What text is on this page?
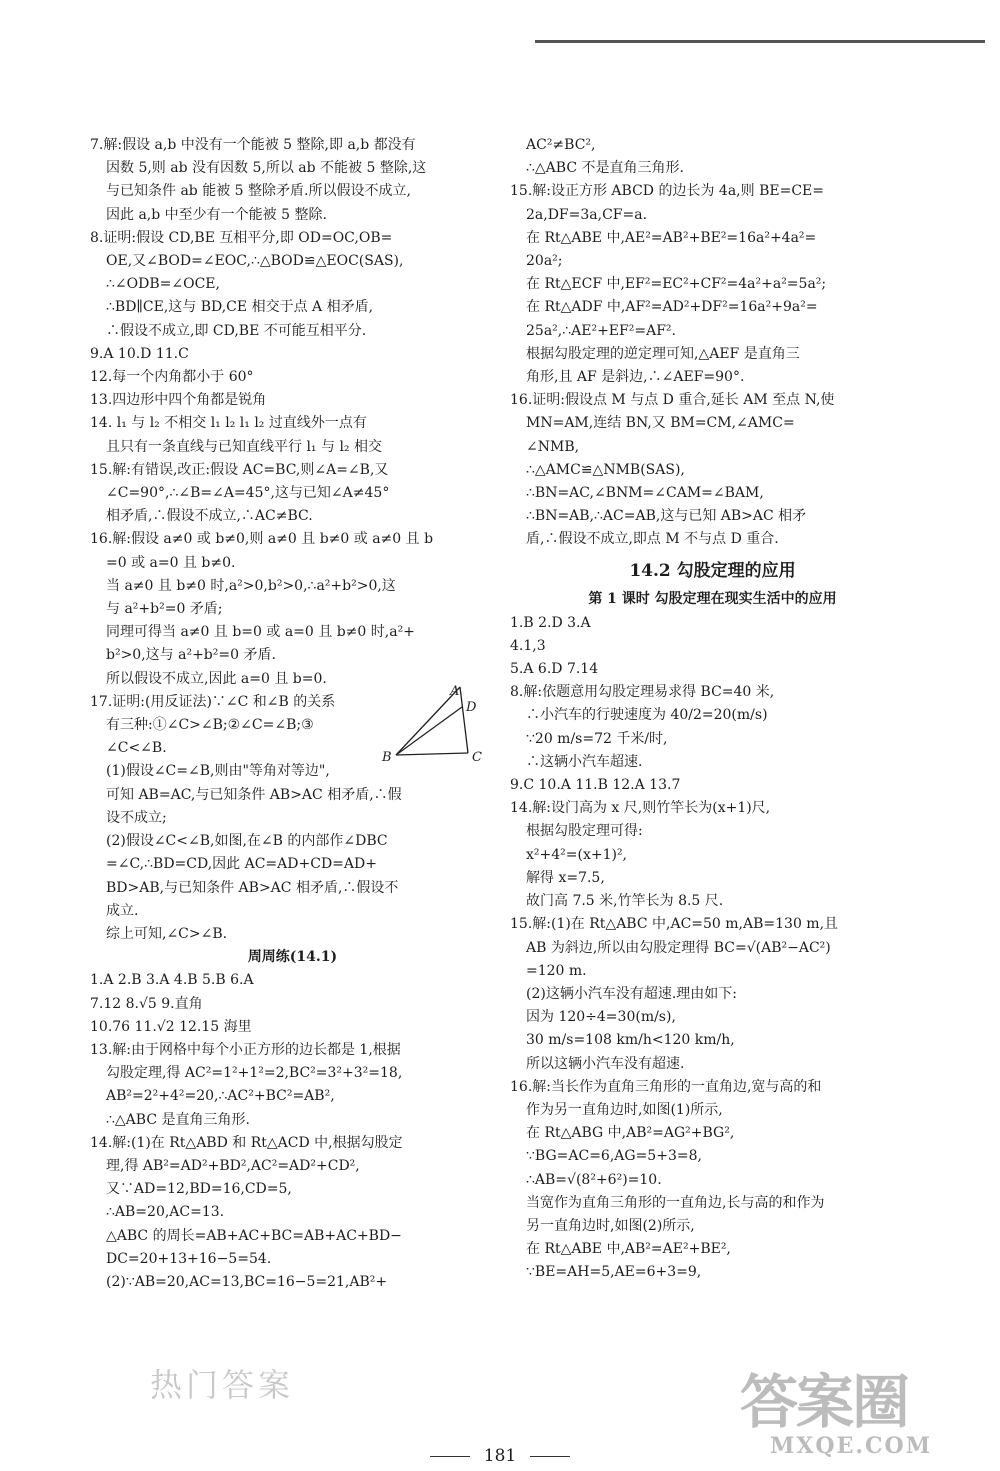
7.解:假设 a,b 中没有一个能被 5 整除,即 a,b 都没有
因数 5,则 ab 没有因数 5,所以 ab 不能被 5 整除,这
与已知条件 ab 能被 5 整除矛盾.所以假设不成立,
因此 a,b 中至少有一个能被 5 整除.
8.证明:假设 CD,BE 互相平分,即 OD=OC,OB=
OE,又∠BOD=∠EOC,∴△BOD≌△EOC(SAS),
∴∠ODB=∠OCE,
∴BD∥CE,这与 BD,CE 相交于点 A 相矛盾,
∴假设不成立,即 CD,BE 不可能互相平分.
9.A 10.D 11.C
12.每一个内角都小于 60°
13.四边形中四个角都是锐角
14. l₁ 与 l₂ 不相交 l₁ l₂ l₁ l₂ 过直线外一点有
且只有一条直线与已知直线平行 l₁ 与 l₂ 相交
15.解:有错误,改正:假设 AC=BC,则∠A=∠B,又
∠C=90°,∴∠B=∠A=45°,这与已知∠A≠45°
相矛盾,∴假设不成立,∴AC≠BC.
16.解:假设 a≠0 或 b≠0,则 a≠0 且 b≠0 或 a≠0 且 b
=0 或 a=0 且 b≠0.
当 a≠0 且 b≠0 时,a²>0,b²>0,∴a²+b²>0,这
与 a²+b²=0 矛盾;
同理可得当 a≠0 且 b=0 或 a=0 且 b≠0 时,a²+
b²>0,这与 a²+b²=0 矛盾.
所以假设不成立,因此 a=0 且 b=0.
17.证明:(用反证法)∵∠C 和∠B 的关系
有三种:①∠C>∠B;②∠C=∠B;③
∠C<∠B.
(1)假设∠C=∠B,则由"等角对等边",
可知 AB=AC,与已知条件 AB>AC 相矛盾,∴假
设不成立;
(2)假设∠C<∠B,如图,在∠B 的内部作∠DBC
=∠C,∴BD=CD,因此 AC=AD+CD=AD+
BD>AB,与已知条件 AB>AC 相矛盾,∴假设不
成立.
综上可知,∠C>∠B.
周周练(14.1)
1.A 2.B 3.A 4.B 5.B 6.A
7.12 8.√5 9.直角
10.76 11.√2 12.15 海里
13.解:由于网格中每个小正方形的边长都是 1,根据
勾股定理,得 AC²=1²+1²=2,BC²=3²+3²=18,
AB²=2²+4²=20,∴AC²+BC²=AB²,
∴△ABC 是直角三角形.
14.解:(1)在 Rt△ABD 和 Rt△ACD 中,根据勾股定
理,得 AB²=AD²+BD²,AC²=AD²+CD²,
又∵AD=12,BD=16,CD=5,
∴AB=20,AC=13.
△ABC 的周长=AB+AC+BC=AB+AC+BD−
DC=20+13+16−5=54.
(2)∵AB=20,AC=13,BC=16−5=21,AB²+
AC²≠BC²,
∴△ABC 不是直角三角形.
15.解:设正方形 ABCD 的边长为 4a,则 BE=CE=
2a,DF=3a,CF=a.
在 Rt△ABE 中,AE²=AB²+BE²=16a²+4a²=
20a²;
在 Rt△ECF 中,EF²=EC²+CF²=4a²+a²=5a²;
在 Rt△ADF 中,AF²=AD²+DF²=16a²+9a²=
25a²,∴AE²+EF²=AF².
根据勾股定理的逆定理可知,△AEF 是直角三
角形,且 AF 是斜边,∴∠AEF=90°.
16.证明:假设点 M 与点 D 重合,延长 AM 至点 N,使
MN=AM,连结 BN,又 BM=CM,∠AMC=
∠NMB,
∴△AMC≌△NMB(SAS),
∴BN=AC,∠BNM=∠CAM=∠BAM,
∴BN=AB,∴AC=AB,这与已知 AB>AC 相矛
盾,∴假设不成立,即点 M 不与点 D 重合.
14.2 勾股定理的应用
第 1 课时 勾股定理在现实生活中的应用
1.B 2.D 3.A
4.1,3
5.A 6.D 7.14
8.解:依题意用勾股定理易求得 BC=40 米,
∴小汽车的行驶速度为 40/2=20(m/s)
∵20 m/s=72 千米/时,
∴这辆小汽车超速.
9.C 10.A 11.B 12.A 13.7
14.解:设门高为 x 尺,则竹竿长为(x+1)尺,
根据勾股定理可得:
x²+4²=(x+1)²,
解得 x=7.5,
故门高 7.5 米,竹竿长为 8.5 尺.
15.解:(1)在 Rt△ABC 中,AC=50 m,AB=130 m,且
AB 为斜边,所以由勾股定理得 BC=√(AB²−AC²)
=120 m.
(2)这辆小汽车没有超速.理由如下:
因为 120÷4=30(m/s),
30 m/s=108 km/h<120 km/h,
所以这辆小汽车没有超速.
16.解:当长作为直角三角形的一直角边,宽与高的和
作为另一直角边时,如图(1)所示,
在 Rt△ABG 中,AB²=AG²+BG²,
∵BG=AC=6,AG=5+3=8,
∴AB=√(8²+6²)=10.
当宽作为直角三角形的一直角边,长与高的和作为
另一直角边时,如图(2)所示,
在 Rt△ABE 中,AB²=AE²+BE²,
∵BE=AH=5,AE=6+3=9,
A
D
B	C
181
热门答案	答案圈
MXQE.COM
